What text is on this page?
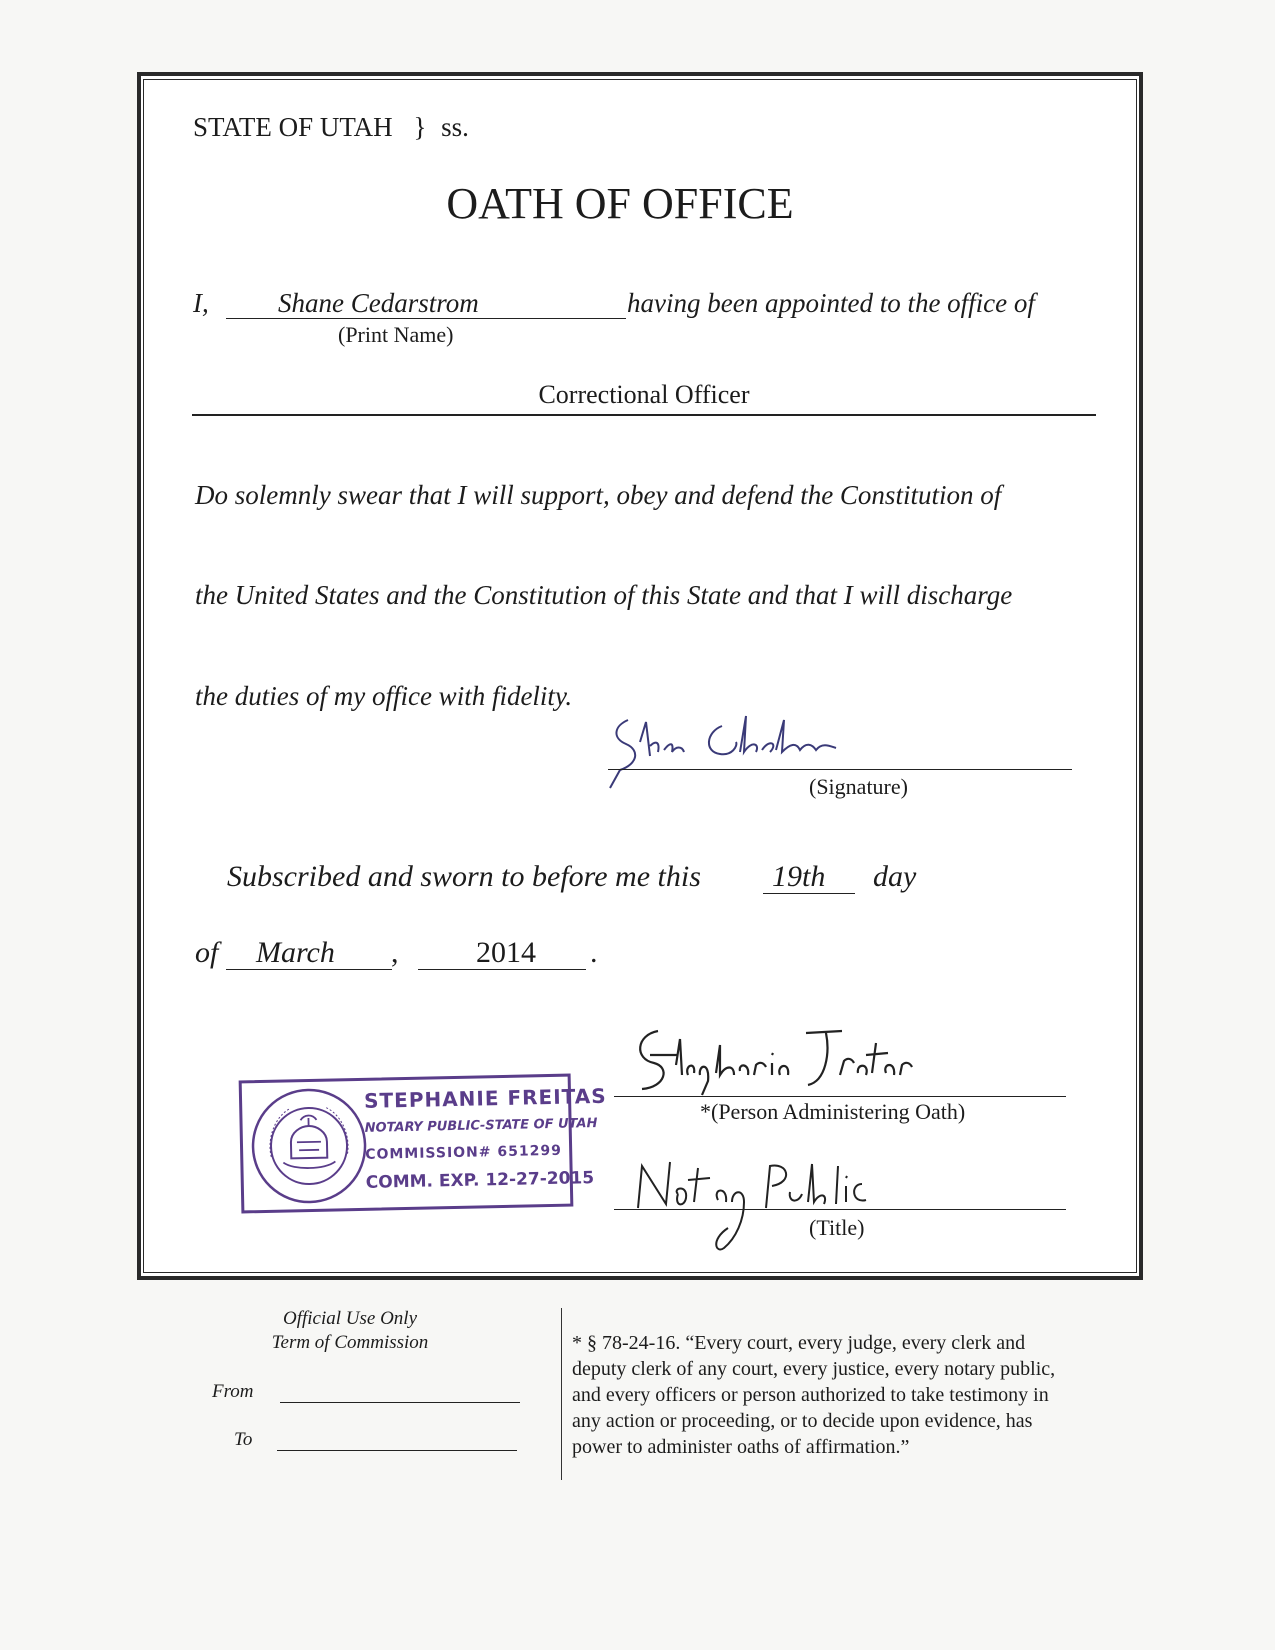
STATE OF UTAH } ss.
OATH OF OFFICE
I,	Shane Cedarstrom	having been appointed to the office of
(Print Name)
Correctional Officer
Do solemnly swear that I will support, obey and defend the Constitution of
the United States and the Constitution of this State and that I will discharge
the duties of my office with fidelity.
(Signature)
Subscribed and sworn to before me this 19th day
of March ,	2014 .
*(Person Administering Oath)
(Title)
STEPHANIE FREITAS
NOTARY PUBLIC-STATE OF UTAH
COMMISSION# 651299
COMM. EXP. 12-27-2015
Official Use Only
Term of Commission
From
To
* § 78-24-16. “Every court, every judge, every clerk and
deputy clerk of any court, every justice, every notary public,
and every officers or person authorized to take testimony in
any action or proceeding, or to decide upon evidence, has
power to administer oaths of affirmation.”
